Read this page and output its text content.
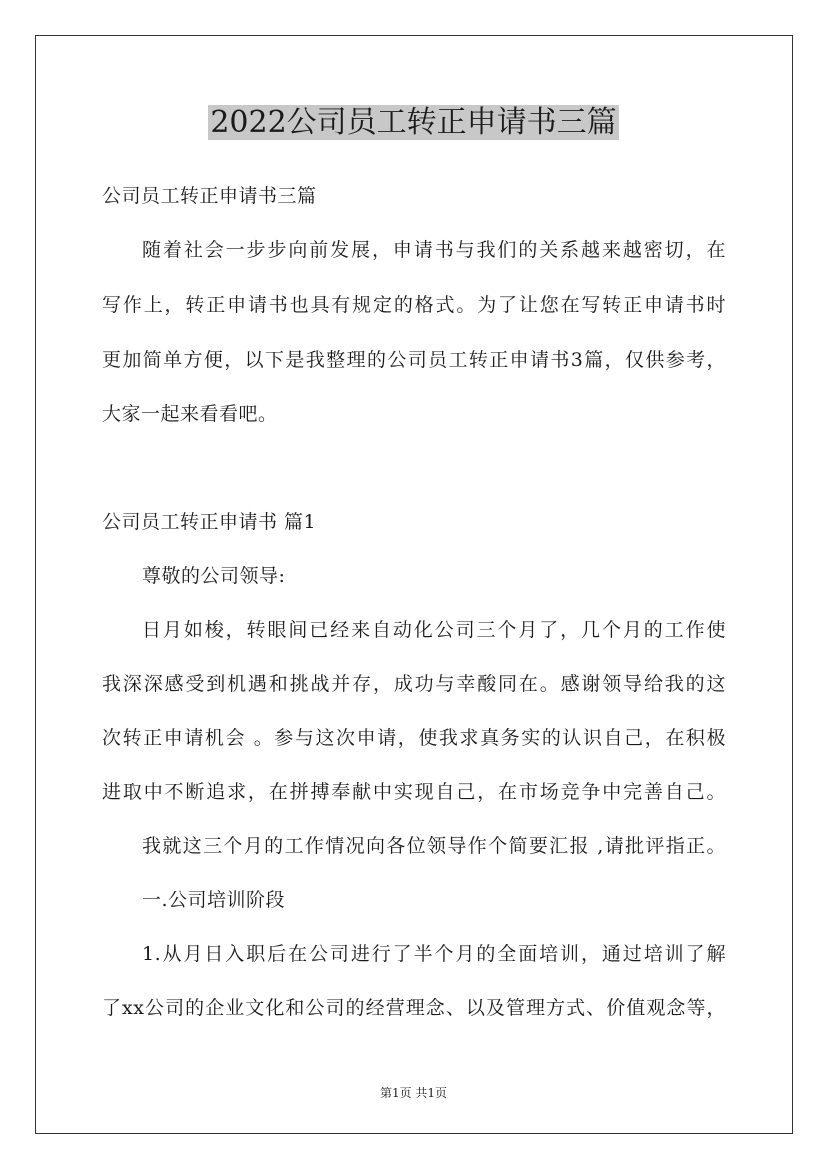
2022公司员工转正申请书三篇

公司员工转正申请书三篇

随着社会一步步向前发展，申请书与我们的关系越来越密切，在

写作上，转正申请书也具有规定的格式。为了让您在写转正申请书时

更加简单方便，以下是我整理的公司员工转正申请书3篇，仅供参考，

大家一起来看看吧。

公司员工转正申请书 篇1

尊敬的公司领导:

日月如梭，转眼间已经来自动化公司三个月了，几个月的工作使

我深深感受到机遇和挑战并存，成功与幸酸同在。感谢领导给我的这

次转正申请机会 。参与这次申请，使我求真务实的认识自己，在积极

进取中不断追求，在拼搏奉献中实现自己，在市场竞争中完善自己。

我就这三个月的工作情况向各位领导作个简要汇报 ,请批评指正。

一.公司培训阶段

1.从月日入职后在公司进行了半个月的全面培训，通过培训了解

了xx公司的企业文化和公司的经营理念、以及管理方式、价值观念等，

第1页 共1页
